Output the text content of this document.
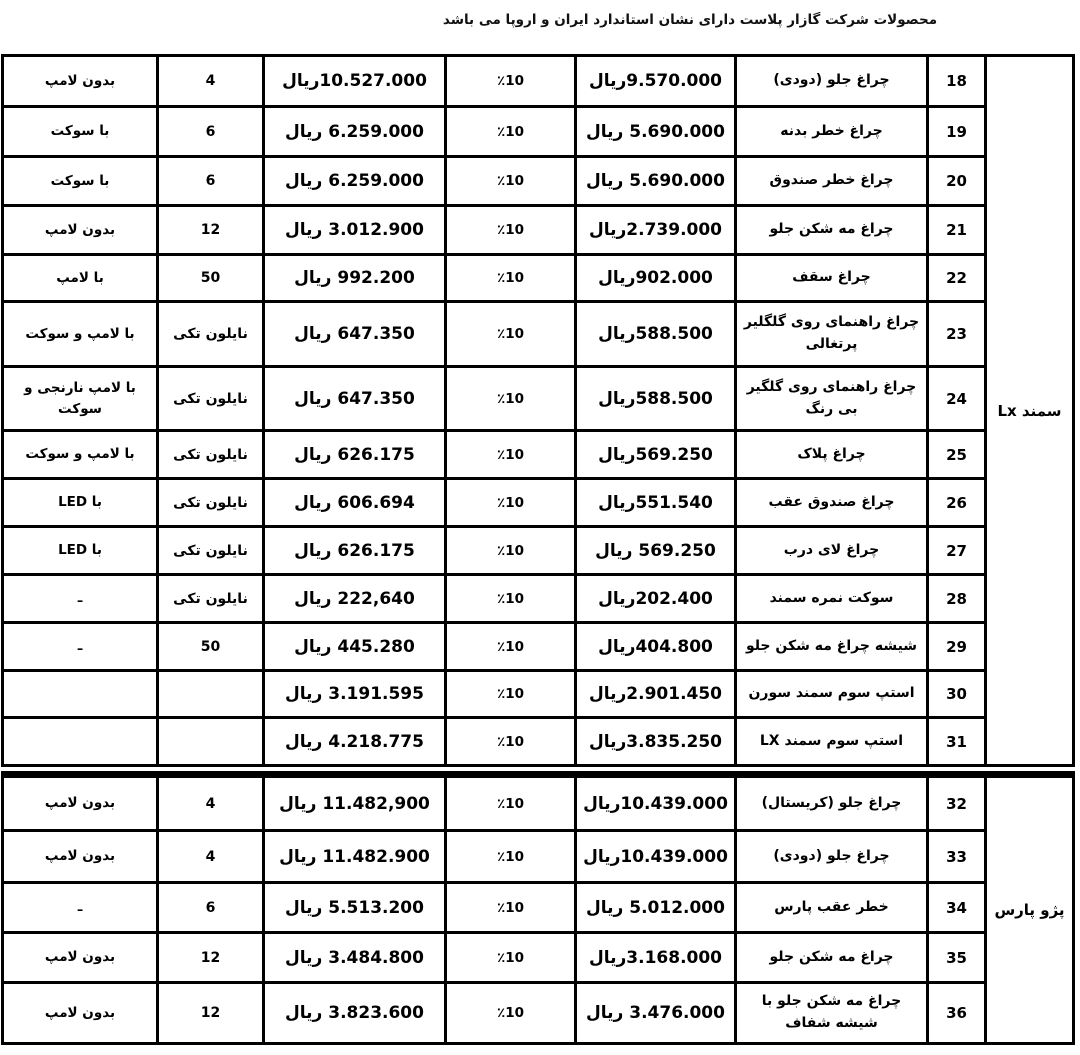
محصولات شرکت گازار پلاست دارای نشان استاندارد ایران و اروپا می باشد
سمند Lx	18	چراغ جلو (دودی)	9.570.000ریال	٪10	10.527.000ریال	4	بدون لامپ
	19	چراغ خطر بدنه	5.690.000 ریال	٪10	6.259.000 ریال	6	با سوکت
	20	چراغ خطر صندوق	5.690.000 ریال	٪10	6.259.000 ریال	6	با سوکت
	21	چراغ مه شکن جلو	2.739.000ریال	٪10	3.012.900 ریال	12	بدون لامپ
	22	چراغ سقف	902.000ریال	٪10	992.200 ریال	50	با لامپ
	23	چراغ راهنمای روی گلگلیر پرتغالی	588.500ریال	٪10	647.350 ریال	نایلون تکی	با لامپ و سوکت
	24	چراغ راهنمای روی گلگیر بی رنگ	588.500ریال	٪10	647.350 ریال	نایلون تکی	با لامپ نارنجی و سوکت
	25	چراغ پلاک	569.250ریال	٪10	626.175 ریال	نایلون تکی	با لامپ و سوکت
	26	چراغ صندوق عقب	551.540ریال	٪10	606.694 ریال	نایلون تکی	با LED
	27	چراغ لای درب	569.250 ریال	٪10	626.175 ریال	نایلون تکی	با LED
	28	سوکت نمره سمند	202.400ریال	٪10	222,640 ریال	نایلون تکی	ـ
	29	شیشه چراغ مه شکن جلو	404.800ریال	٪10	445.280 ریال	50	ـ
	30	استپ سوم سمند سورن	2.901.450ریال	٪10	3.191.595 ریال		
	31	استپ سوم سمند LX	3.835.250ریال	٪10	4.218.775 ریال		
پژو پارس	32	چراغ جلو (کریستال)	10.439.000ریال	٪10	11.482,900 ریال	4	بدون لامپ
	33	چراغ جلو (دودی)	10.439.000ریال	٪10	11.482.900 ریال	4	بدون لامپ
	34	خطر عقب پارس	5.012.000 ریال	٪10	5.513.200 ریال	6	ـ
	35	چراغ مه شکن جلو	3.168.000ریال	٪10	3.484.800 ریال	12	بدون لامپ
	36	چراغ مه شکن جلو با شیشه شفاف	3.476.000 ریال	٪10	3.823.600 ریال	12	بدون لامپ
